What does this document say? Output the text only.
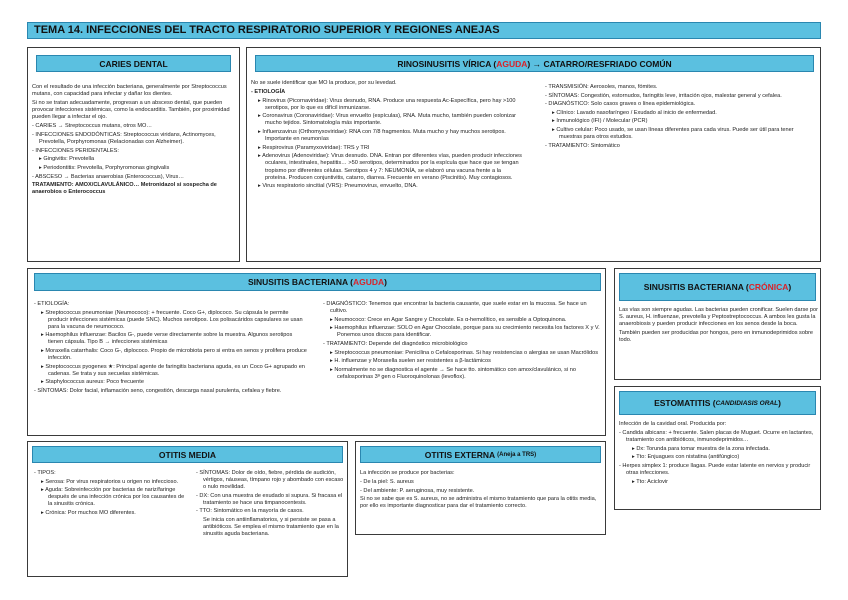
TEMA 14. INFECCIONES DEL TRACTO RESPIRATORIO SUPERIOR Y REGIONES ANEJAS
CARIES DENTAL

Con el resultado de una infección bacteriana, generalmente por Streptococcus mutans, con capacidad para infectar y dañar los dientes.

Si no se tratan adecuadamente, progresan a un absceso dental, que pueden provocar infecciones sistémicas, como la endocarditis. También, por proximidad pueden llegar a infectar el ojo.

- CARIES → Streptococcus mutans, otros MO…
- INFECCIONES ENDODÓNTICAS: Streptococcus viridans, Actinomyces, Prevotella, Porphyromonas (Relacionadas con Alzheimer).
- INFECCIONES PERIDENTALES:
▸ Gingivitis: Prevotella
▸ Periodontitis: Prevotella, Porphyromonas gingivalis
- ABSCESO → Bacterias anaerobias (Enterococcus), Virus…

TRATAMIENTO: AMOX/CLAVULÁNICO… Metronidazol si sospecha de anaerobios o Enterococcus

RINOSINUSITIS VÍRICA ( AGUDA ) → CATARRO/RESFRIADO COMÚN

No se suele identificar que MO la produce, por su levedad.

- ETIOLOGÍA
▸ Rinovirus (Picornaviridae): Virus desnudo, RNA. Produce una respuesta Ac-Específica, pero hay >100 serotipos, por lo que es difícil inmunizarse.
▸ Coronavirus (Coronaviridae): Virus envuelto (espículas), RNA. Muta mucho, también pueden colonizar mucho tejidos. Sintomatología más importante.
▸ Influenzavirus (Orthomyxoviridae): RNA con 7/8 fragmentos. Muta mucho y hay muchos serotipos. Importante en neumonías
▸ Respirovirus (Paramyxoviridae): TRS y TRI
▸ Adenovirus (Adenoviridae): Virus desnudo. DNA. Entran por diferentes vías, pueden producir infecciones oculares, intestinales, hepatitis… >50 serotipos, determinados por la espícula que hace que se tengan tropismo por diferentes células. Serotipos 4 y 7: NEUMONÍA, se elaboró una vacuna frente a la proteína. Producen conjuntivitis, catarro, diarrea. Frecuente en verano (Piscinitis). Muy contagiosos.
▸ Virus respiratorio sincitial (VRS): Pneumovirus, envuelto, DNA.
- TRANSMISIÓN: Aerosoles, manos, fómites.
- SÍNTOMAS: Congestión, estornudos, faringitis leve, irritación ojos, malestar general y cefalea.
- DIAGNÓSTICO: Solo casos graves o línea epidemiológica.
▸ Clínico: Lavado nasofaríngeo / Exudado al inicio de enfermedad.
▸ Inmunológico (IFI) / Molecular (PCR)
▸ Cultivo celular: Poco usado, se usan líneas diferentes para cada virus. Puede ser útil para tener muestras para otros estudios.
- TRATAMIENTO: Sintomático
SINUSITIS BACTERIANA ( AGUDA )
- ETIOLOGÍA:
▸ Streptococcus pneumoniae (Neumococo): + frecuente. Coco G+, diplococo. Su cápsula le permite producir infecciones sistémicas (puede SNC). Muchos serotipos. Los polisacáridos capsulares se usan para la vacuna de neumococo.
▸ Haemophilus influenzae: Bacilos G-, puede verse directamente sobre la muestra. Algunos serotipos tienen cápsula. Tipo B → infecciones sistémicas
▸ Moraxella catarrhalis: Coco G-, diplococo. Propio de microbiota pero si entra en senos y prolifera produce infección.
▸ Streptococcus pyogenes ★: Principal agente de faringitis bacteriana aguda, es un Coco G+ agrupado en cadenas. Se trata y sus secuelas sistémicas.
▸ Staphylococcus aureus: Poco frecuente
- SÍNTOMAS: Dolor facial, inflamación seno, congestión, descarga nasal purulenta, cefalea y fiebre.
- DIAGNÓSTICO: Tenemos que encontrar la bacteria causante, que suele estar en la mucosa. Se hace un cultivo.
▸ Neumococo: Crece en Agar Sangre y Chocolate. Es α-hemolítico, es sensible a Optoquinona.
▸ Haemophilus influenzae: SOLO en Agar Chocolate, porque para su crecimiento necesita los factores X y V. Ponemos unos discos para identificar.
- TRATAMIENTO: Depende del diagnóstico microbiológico
▸ Streptococcus pneumoniae: Penicilina o Cefalosporinas. Si hay resistencias o alergias se usan Macrólidos
▸ H. influenzae y Moraxella suelen ser resistentes a β-lactámicos
▸ Normalmente no se diagnostica el agente → Se hace tto. sintomático con amox/clavulánico, si no cefalosporinas 3ª gen o Fluoroquinolonas (levoflox).
SINUSITIS BACTERIANA ( CRÓNICA )

Las vías son siempre agudas. Las bacterias pueden cronificar. Suelen darse por S. aureus, H. influenzae, prevotella y Peptostreptococcus. A ambos les gusta la anaerobiosis y pueden producir infecciones en los senos desde la boca.

También pueden ser producidas por hongos, pero en inmunodeprimidos sobre todo.

ESTOMATITIS ( CANDIDIASIS ORAL )

Infección de la cavidad oral. Producida por:

- Candida albicans: + frecuente. Salen placas de Muguet. Ocurre en lactantes, tratamiento con antibióticos, inmunodeprimidos…
▸ Dx: Torunda para tomar muestra de la zona infectada.
▸ Tto: Enjuagues con nistatina (antifúngico)
- Herpes simplex 1: produce llagas. Puede estar latente en nervios y producir otras infecciones.
▸ Tto: Aciclovir
OTITIS MEDIA
- TIPOS:
▸ Serosa: Por virus respiratorios u origen no infeccioso.
▸ Aguda: Sobreinfección por bacterias de nariz/faringe después de una infección crónica por los causantes de la sinusitis crónica.
▸ Crónica: Por muchos MO diferentes.
- SÍNTOMAS: Dolor de oído, fiebre, pérdida de audición, vértigos, náuseas, tímpano rojo y abombado con escaso o nulo movilidad.
- DX: Con una muestra de exudado si supura. Si fracasa el tratamiento se hace una timpanocentesis.
- TTO: Sintomático en la mayoría de casos.

Se inicia con antiinflamatorios, y si persiste se pasa a antibióticos. Se emplea el mismo tratamiento que en la sinusitis aguda bacteriana.

OTITIS EXTERNA (Aneja a TRS)

La infección se produce por bacterias:

- De la piel: S. aureus
- Del ambiente: P. aeruginosa, muy resistente.

Si no se sabe que es S. aureus, no se administra el mismo tratamiento que para la otitis media, por ello es importante diagnosticar para dar el tratamiento correcto.
